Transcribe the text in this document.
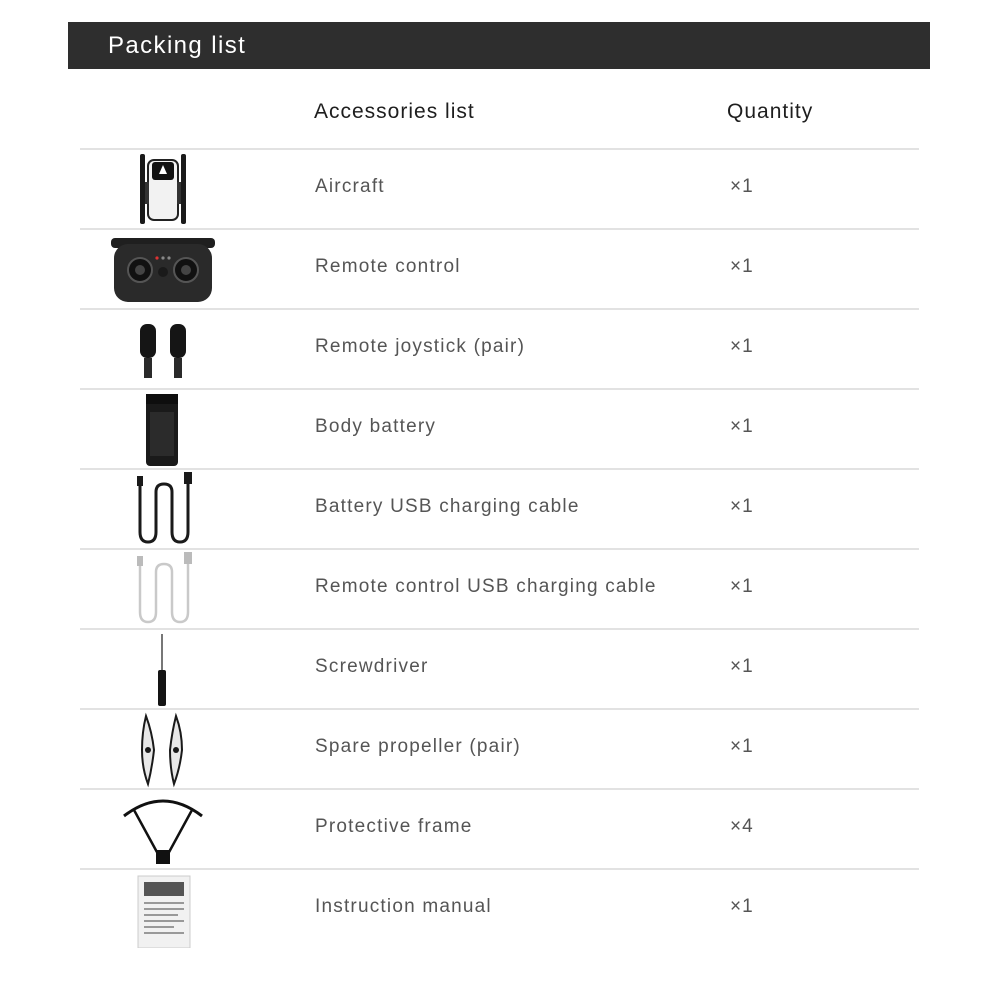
Packing list
Accessories list	Quantity
Aircraft	×1
Remote control	×1
Remote joystick (pair)	×1
Body battery	×1
Battery USB charging cable	×1
Remote control USB charging cable	×1
Screwdriver	×1
Spare propeller (pair)	×1
Protective frame	×4
Instruction manual	×1
